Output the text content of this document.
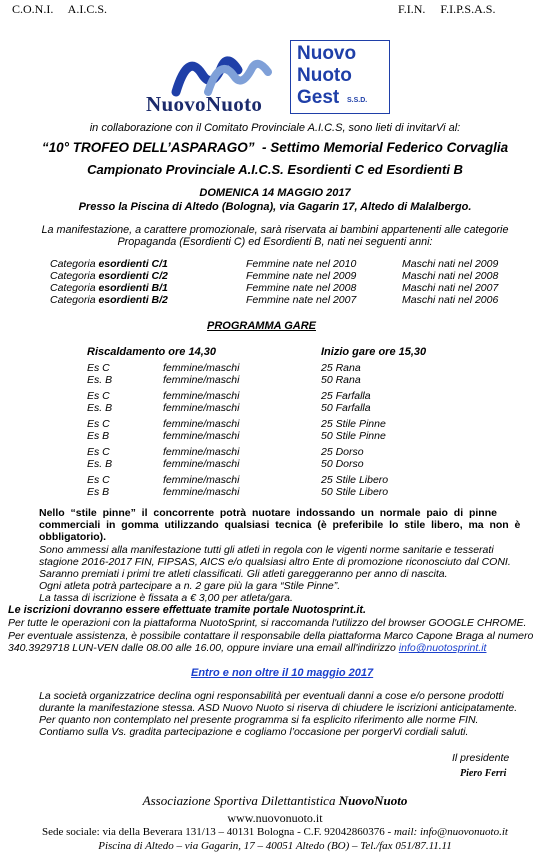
C.O.N.I.     A.I.C.S.	F.I.N.     F.I.P.S.A.S.
NuovoNuoto
Nuovo
Nuoto
Gest S.S.D.
in collaborazione con il Comitato Provinciale A.I.C.S, sono lieti di invitarVi al:
“10° TROFEO DELL’ASPARAGO”  - Settimo Memorial Federico Corvaglia
Campionato Provinciale A.I.C.S. Esordienti C ed Esordienti B
DOMENICA 14 MAGGIO 2017
Presso la Piscina di Altedo (Bologna), via Gagarin 17, Altedo di Malalbergo.
La manifestazione, a carattere promozionale, sarà riservata ai bambini appartenenti alle categorie
Propaganda (Esordienti C) ed Esordienti B, nati nei seguenti anni:
Categoria esordienti C/1	Femmine nate nel 2010	Maschi nati nel 2009
Categoria esordienti C/2	Femmine nate nel 2009	Maschi nati nel 2008
Categoria esordienti B/1	Femmine nate nel 2008	Maschi nati nel 2007
Categoria esordienti B/2	Femmine nate nel 2007	Maschi nati nel 2006
PROGRAMMA GARE
Riscaldamento ore 14,30	Inizio gare ore 15,30
Es C	femmine/maschi	25 Rana
Es. B	femmine/maschi	50 Rana
Es C	femmine/maschi	25 Farfalla
Es. B	femmine/maschi	50 Farfalla
Es C	femmine/maschi	25 Stile Pinne
Es B	femmine/maschi	50 Stile Pinne
Es C	femmine/maschi	25 Dorso
Es. B	femmine/maschi	50 Dorso
Es C	femmine/maschi	25 Stile Libero
Es B	femmine/maschi	50 Stile Libero
Nello  “stile  pinne”  il  concorrente  potrà  nuotare  indossando  un  normale  paio  di  pinne
commerciali  in  gomma  utilizzando  qualsiasi  tecnica  (è  preferibile  lo  stile  libero,  ma  non  è
obbligatorio).
Sono ammessi alla manifestazione tutti gli atleti in regola con le vigenti norme sanitarie e tesserati
stagione 2016-2017 FIN, FIPSAS, AICS e/o qualsiasi altro Ente di promozione riconosciuto dal CONI.
Saranno premiati i primi tre atleti classificati. Gli atleti gareggeranno per anno di nascita.
Ogni atleta potrà partecipare a n. 2 gare più la gara “Stile Pinne”.
La tassa di iscrizione è fissata a € 3,00 per atleta/gara.
Le iscrizioni dovranno essere effettuate tramite portale Nuotosprint.it.
Per tutte le operazioni con la piattaforma NuotoSprint, si raccomanda l'utilizzo del browser GOOGLE CHROME.
Per eventuale assistenza, è possibile contattare il responsabile della piattaforma Marco Capone Braga al numero
340.3929718 LUN-VEN dalle 08.00 alle 16.00, oppure inviare una email all'indirizzo info@nuotosprint.it
Entro e non oltre il 10 maggio 2017
La società organizzatrice declina ogni responsabilità per eventuali danni a cose e/o persone prodotti
durante la manifestazione stessa. ASD Nuovo Nuoto si riserva di chiudere le iscrizioni anticipatamente.
Per quanto non contemplato nel presente programma si fa esplicito riferimento alle norme FIN.
Contiamo sulla Vs. gradita partecipazione e cogliamo l’occasione per porgerVi cordiali saluti.
Il presidente
Piero Ferri
Associazione Sportiva Dilettantistica NuovoNuoto
www.nuovonuoto.it
Sede sociale: via della Beverara 131/13 – 40131 Bologna - C.F. 92042860376 - mail: info@nuovonuoto.it
Piscina di Altedo – via Gagarin, 17 – 40051 Altedo (BO) – Tel./fax 051/87.11.11
